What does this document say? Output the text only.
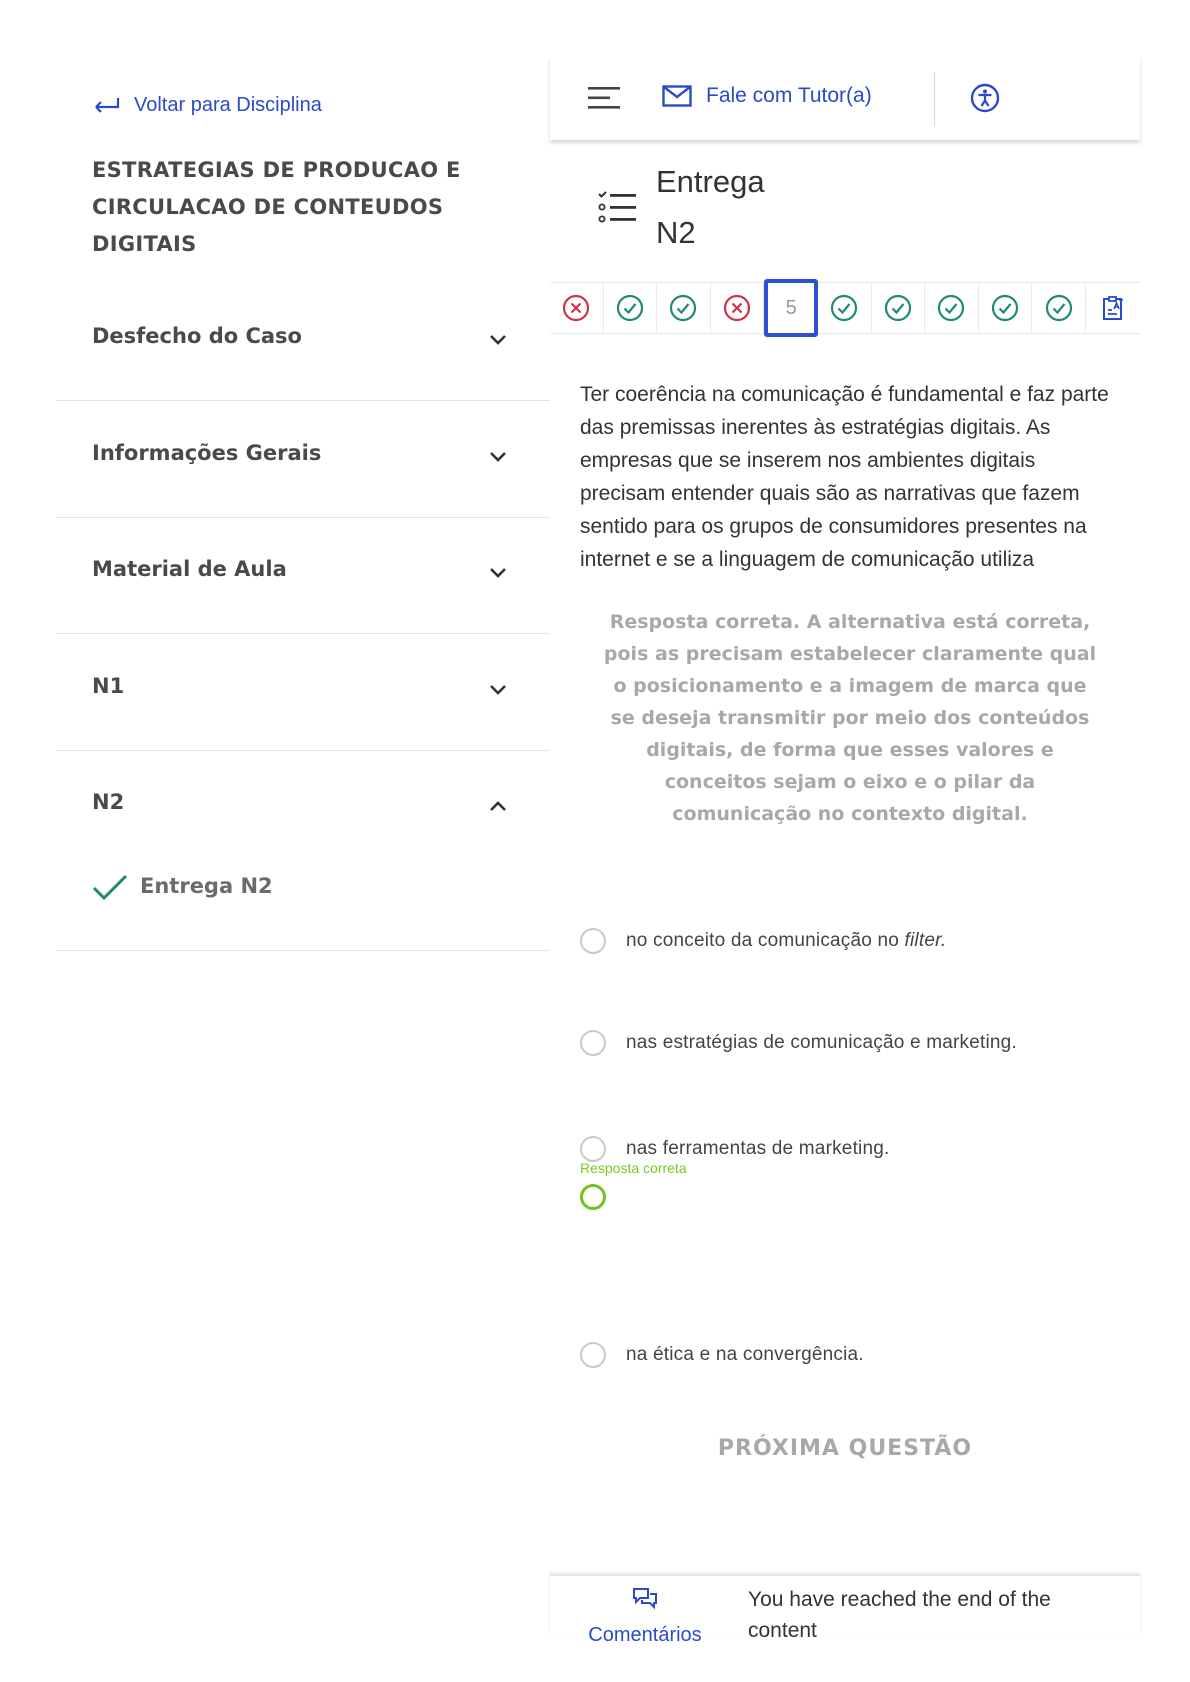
Voltar para Disciplina
ESTRATEGIAS DE PRODUCAO E CIRCULACAO DE CONTEUDOS DIGITAIS
Desfecho do Caso
Informações Gerais
Material de Aula
N1
N2
Entrega N2
Fale com Tutor(a)
Entrega
N2
5
Ter coerência na comunicação é fundamental e faz parte das premissas inerentes às estratégias digitais. As empresas que se inserem nos ambientes digitais precisam entender quais são as narrativas que fazem sentido para os grupos de consumidores presentes na internet e se a linguagem de comunicação utiliza
Resposta correta. A alternativa está correta, pois as precisam estabelecer claramente qual o posicionamento e a imagem de marca que se deseja transmitir por meio dos conteúdos digitais, de forma que esses valores e conceitos sejam o eixo e o pilar da comunicação no contexto digital.
no conceito da comunicação no filter.
nas estratégias de comunicação e marketing.
nas ferramentas de marketing.
Resposta correta
na ética e na convergência.
PRÓXIMA QUESTÃO
Comentários
You have reached the end of the content
